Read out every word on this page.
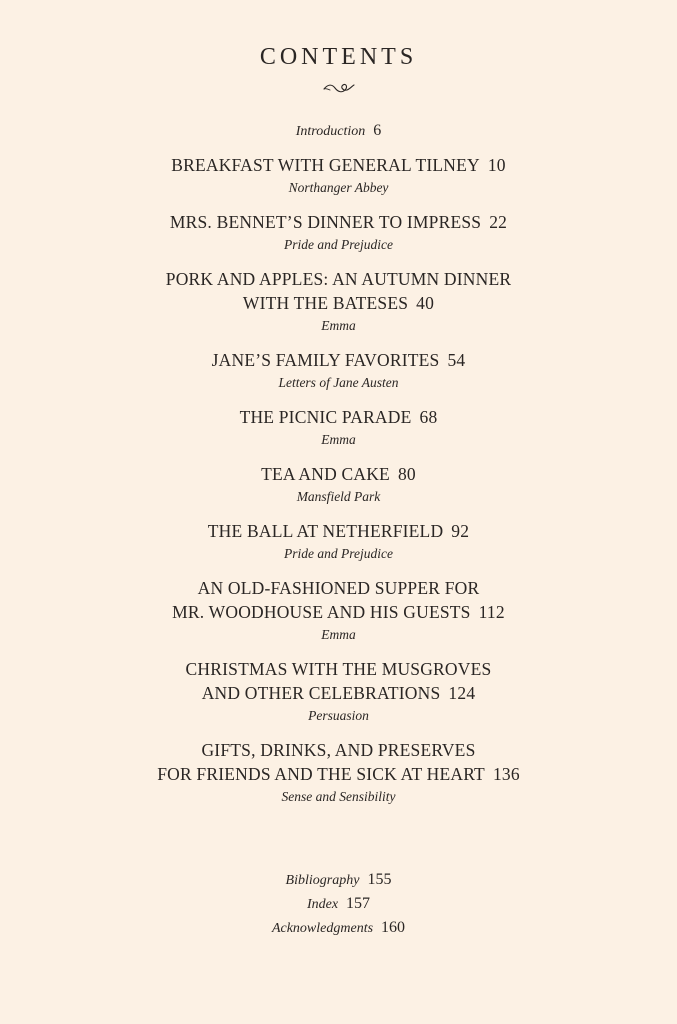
CONTENTS
Introduction 6
BREAKFAST WITH GENERAL TILNEY 10
Northanger Abbey
MRS. BENNET’S DINNER TO IMPRESS 22
Pride and Prejudice
PORK AND APPLES: AN AUTUMN DINNER
WITH THE BATESES 40
Emma
JANE’S FAMILY FAVORITES 54
Letters of Jane Austen
THE PICNIC PARADE 68
Emma
TEA AND CAKE 80
Mansfield Park
THE BALL AT NETHERFIELD 92
Pride and Prejudice
AN OLD-FASHIONED SUPPER FOR
MR. WOODHOUSE AND HIS GUESTS 112
Emma
CHRISTMAS WITH THE MUSGROVES
AND OTHER CELEBRATIONS 124
Persuasion
GIFTS, DRINKS, AND PRESERVES
FOR FRIENDS AND THE SICK AT HEART 136
Sense and Sensibility
Bibliography 155
Index 157
Acknowledgments 160
